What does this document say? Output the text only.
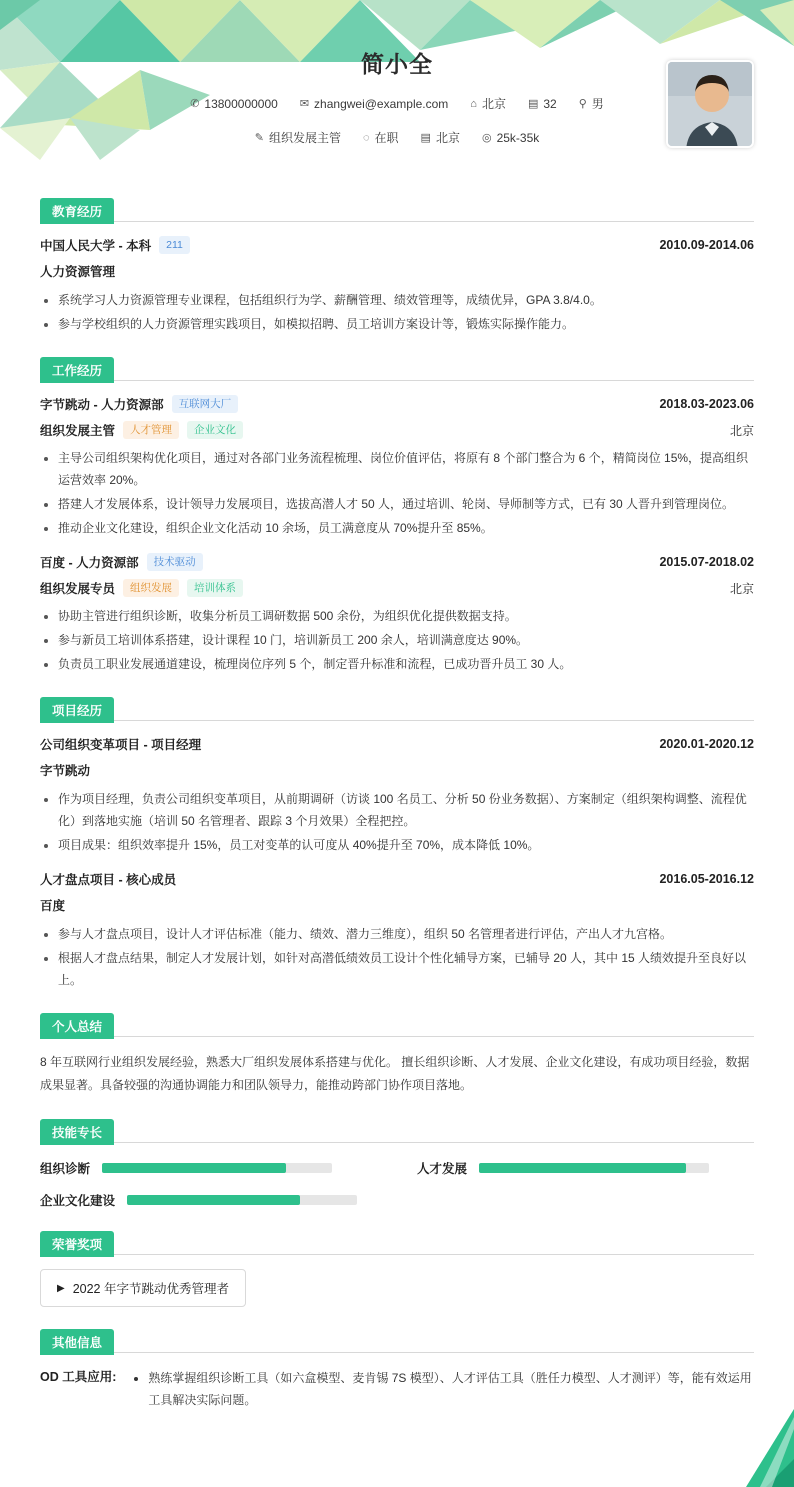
简小全
✆ 13800000000 ✉ zhangwei@example.com ⌂ 北京 ▤ 32 ⚲ 男
✎ 组织发展主管 ◌ 在职 ▤ 北京 ◎ 25k-35k
教育经历
中国人民大学 - 本科	211	2010.09-2014.06
人力资源管理
• 系统学习人力资源管理专业课程，包括组织行为学、薪酬管理、绩效管理等，成绩优异，GPA 3.8/4.0。
• 参与学校组织的人力资源管理实践项目，如模拟招聘、员工培训方案设计等，锻炼实际操作能力。
工作经历
字节跳动 - 人力资源部	互联网大厂	2018.03-2023.06
组织发展主管	人才管理	企业文化	北京
• 主导公司组织架构优化项目，通过对各部门业务流程梳理、岗位价值评估，将原有 8 个部门整合为 6 个，精简岗位 15%，提高组织运营效率 20%。
• 搭建人才发展体系，设计领导力发展项目，选拔高潜人才 50 人，通过培训、轮岗、导师制等方式，已有 30 人晋升到管理岗位。
• 推动企业文化建设，组织企业文化活动 10 余场，员工满意度从 70%提升至 85%。
百度 - 人力资源部	技术驱动	2015.07-2018.02
组织发展专员	组织发展	培训体系	北京
• 协助主管进行组织诊断，收集分析员工调研数据 500 余份，为组织优化提供数据支持。
• 参与新员工培训体系搭建，设计课程 10 门，培训新员工 200 余人，培训满意度达 90%。
• 负责员工职业发展通道建设，梳理岗位序列 5 个，制定晋升标准和流程，已成功晋升员工 30 人。
项目经历
公司组织变革项目 - 项目经理	2020.01-2020.12
字节跳动
• 作为项目经理，负责公司组织变革项目，从前期调研（访谈 100 名员工、分析 50 份业务数据）、方案制定（组织架构调整、流程优化）到落地实施（培训 50 名管理者、跟踪 3 个月效果）全程把控。
• 项目成果：组织效率提升 15%，员工对变革的认可度从 40%提升至 70%，成本降低 10%。
人才盘点项目 - 核心成员	2016.05-2016.12
百度
• 参与人才盘点项目，设计人才评估标准（能力、绩效、潜力三维度），组织 50 名管理者进行评估，产出人才九宫格。
• 根据人才盘点结果，制定人才发展计划，如针对高潜低绩效员工设计个性化辅导方案，已辅导 20 人，其中 15 人绩效提升至良好以上。
个人总结
8 年互联网行业组织发展经验，熟悉大厂组织发展体系搭建与优化。 擅长组织诊断、人才发展、企业文化建设，有成功项目经验，数据成果显著。具备较强的沟通协调能力和团队领导力，能推动跨部门协作项目落地。
技能专长
组织诊断	人才发展
企业文化建设
荣誉奖项
▶ 2022 年字节跳动优秀管理者
其他信息
OD 工具应用:	• 熟练掌握组织诊断工具（如六盒模型、麦肯锡 7S 模型）、人才评估工具（胜任力模型、人才测评）等，能有效运用工具解决实际问题。
